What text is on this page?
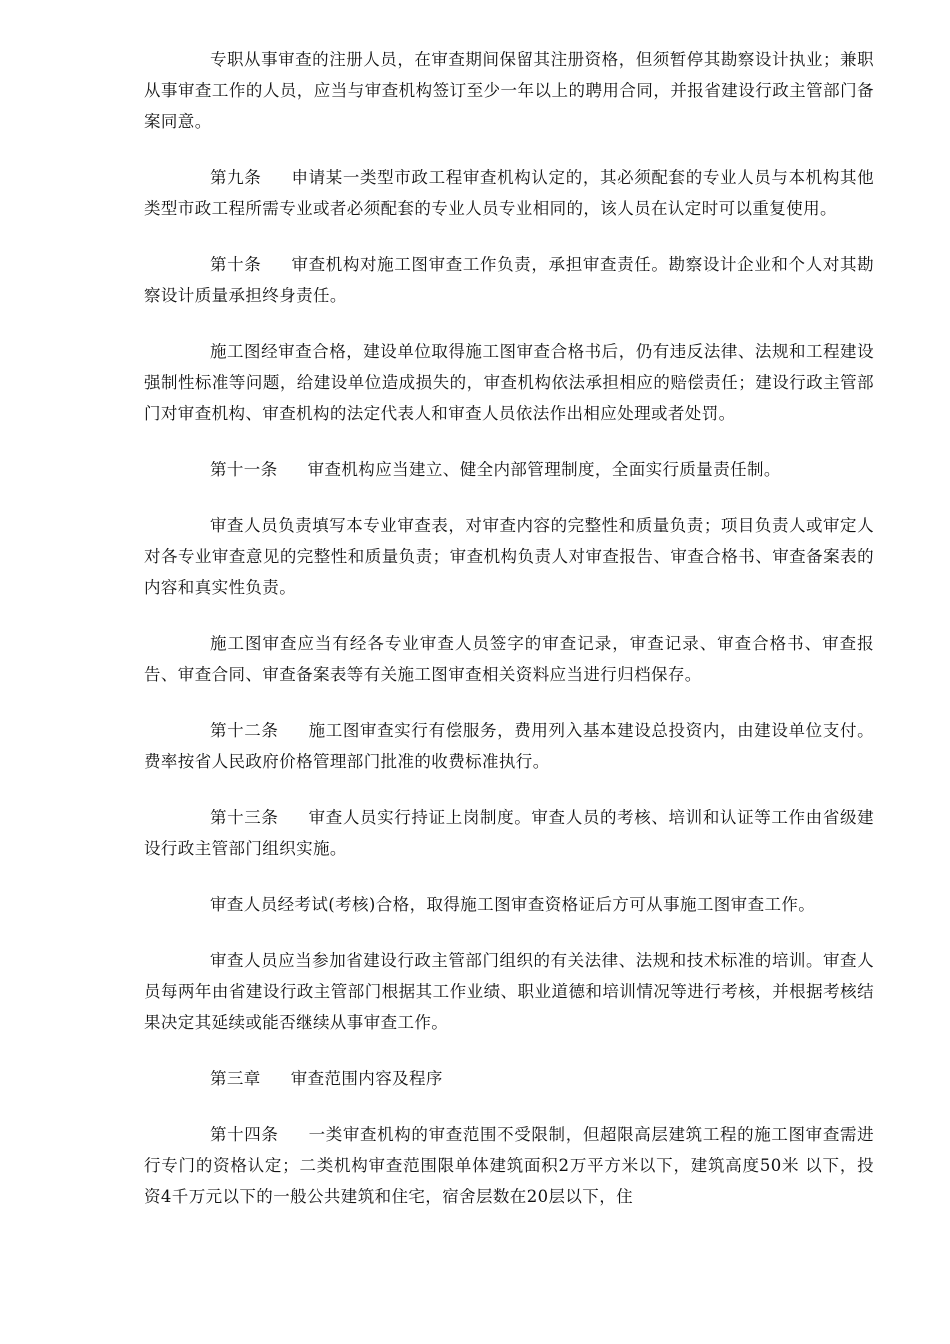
专职从事审查的注册人员，在审查期间保留其注册资格，但须暂停其勘察设计执业；兼职从事审查工作的人员，应当与审查机构签订至少一年以上的聘用合同，并报省建设行政主管部门备案同意。

第九条 申请某一类型市政工程审查机构认定的，其必须配套的专业人员与本机构其他类型市政工程所需专业或者必须配套的专业人员专业相同的，该人员在认定时可以重复使用。

第十条 审查机构对施工图审查工作负责，承担审查责任。勘察设计企业和个人对其勘察设计质量承担终身责任。

施工图经审查合格，建设单位取得施工图审查合格书后，仍有违反法律、法规和工程建设强制性标准等问题，给建设单位造成损失的，审查机构依法承担相应的赔偿责任；建设行政主管部门对审查机构、审查机构的法定代表人和审查人员依法作出相应处理或者处罚。

第十一条 审查机构应当建立、健全内部管理制度，全面实行质量责任制。

审查人员负责填写本专业审查表，对审查内容的完整性和质量负责；项目负责人或审定人对各专业审查意见的完整性和质量负责；审查机构负责人对审查报告、审查合格书、审查备案表的内容和真实性负责。

施工图审查应当有经各专业审查人员签字的审查记录，审查记录、审查合格书、审查报告、审查合同、审查备案表等有关施工图审查相关资料应当进行归档保存。

第十二条 施工图审查实行有偿服务，费用列入基本建设总投资内，由建设单位支付。费率按省人民政府价格管理部门批准的收费标准执行。

第十三条 审查人员实行持证上岗制度。审查人员的考核、培训和认证等工作由省级建设行政主管部门组织实施。

审查人员经考试(考核)合格，取得施工图审查资格证后方可从事施工图审查工作。

审查人员应当参加省建设行政主管部门组织的有关法律、法规和技术标准的培训。审查人员每两年由省建设行政主管部门根据其工作业绩、职业道德和培训情况等进行考核，并根据考核结果决定其延续或能否继续从事审查工作。

第三章 审查范围内容及程序

第十四条 一类审查机构的审查范围不受限制，但超限高层建筑工程的施工图审查需进行专门的资格认定；二类机构审查范围限单体建筑面积2万平方米以下，建筑高度50米 以下，投资4千万元以下的一般公共建筑和住宅，宿舍层数在20层以下，住
